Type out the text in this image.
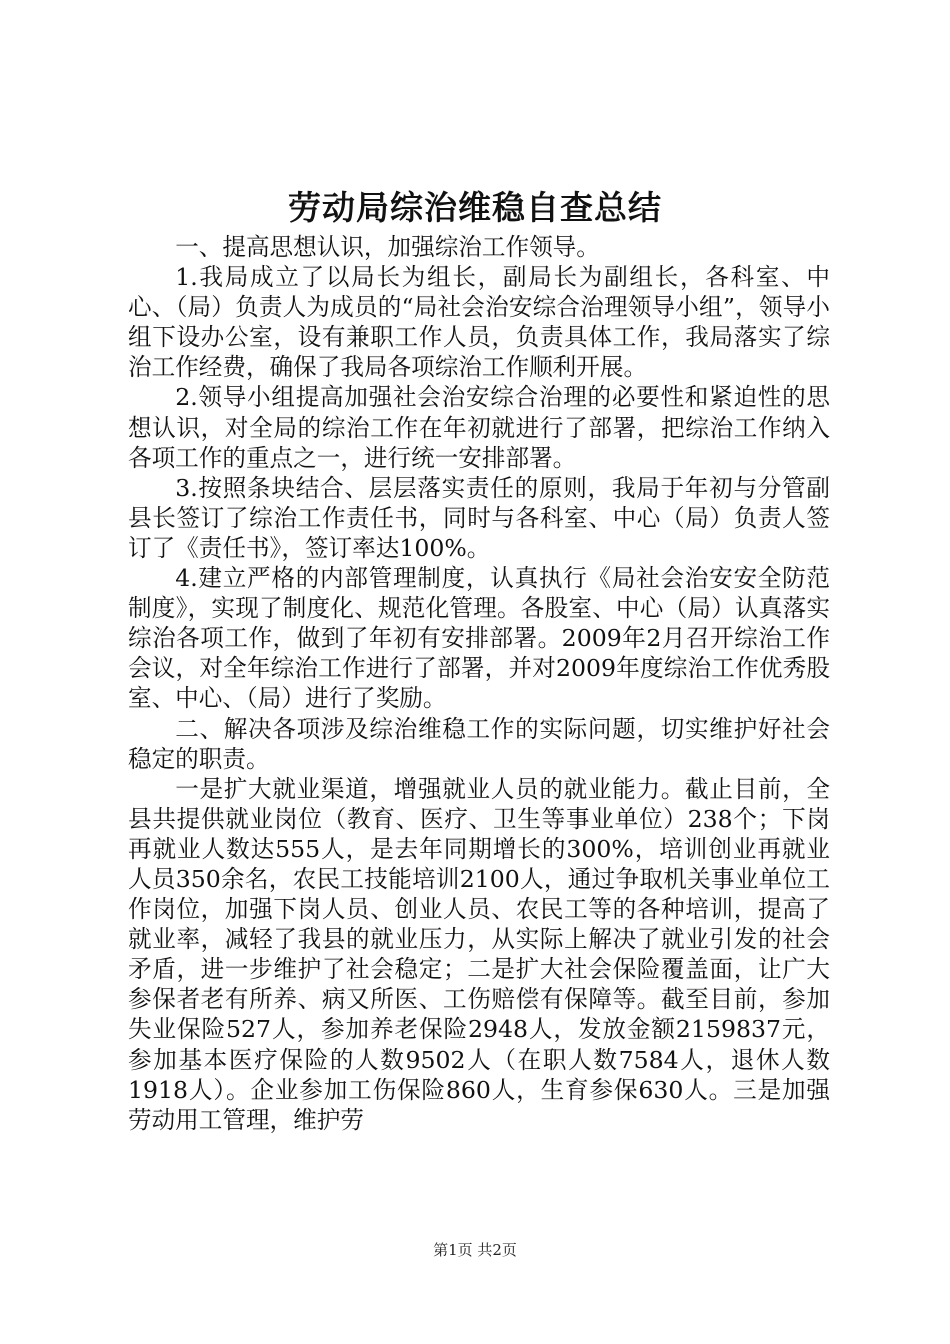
劳动局综治维稳自查总结

一、提高思想认识，加强综治工作领导。

1.我局成立了以局长为组长，副局长为副组长，各科室、中心、（局）负责人为成员的“局社会治安综合治理领导小组”，领导小组下设办公室，设有兼职工作人员，负责具体工作，我局落实了综治工作经费，确保了我局各项综治工作顺利开展。

2.领导小组提高加强社会治安综合治理的必要性和紧迫性的思想认识，对全局的综治工作在年初就进行了部署，把综治工作纳入各项工作的重点之一，进行统一安排部署。

3.按照条块结合、层层落实责任的原则，我局于年初与分管副县长签订了综治工作责任书，同时与各科室、中心（局）负责人签订了《责任书》，签订率达100%。

4.建立严格的内部管理制度，认真执行《局社会治安安全防范制度》，实现了制度化、规范化管理。各股室、中心（局）认真落实综治各项工作，做到了年初有安排部署。2009年2月召开综治工作会议，对全年综治工作进行了部署，并对2009年度综治工作优秀股室、中心、（局）进行了奖励。

二、解决各项涉及综治维稳工作的实际问题，切实维护好社会稳定的职责。

一是扩大就业渠道，增强就业人员的就业能力。截止目前，全县共提供就业岗位（教育、医疗、卫生等事业单位）238个；下岗再就业人数达555人，是去年同期增长的300%，培训创业再就业人员350余名，农民工技能培训2100人，通过争取机关事业单位工作岗位，加强下岗人员、创业人员、农民工等的各种培训，提高了就业率，减轻了我县的就业压力，从实际上解决了就业引发的社会矛盾，进一步维护了社会稳定；二是扩大社会保险覆盖面，让广大参保者老有所养、病又所医、工伤赔偿有保障等。截至目前，参加失业保险527人，参加养老保险2948人，发放金额2159837元，参加基本医疗保险的人数9502人（在职人数7584人，退休人数1918人）。企业参加工伤保险860人，生育参保630人。三是加强劳动用工管理，维护劳

第1页 共2页
